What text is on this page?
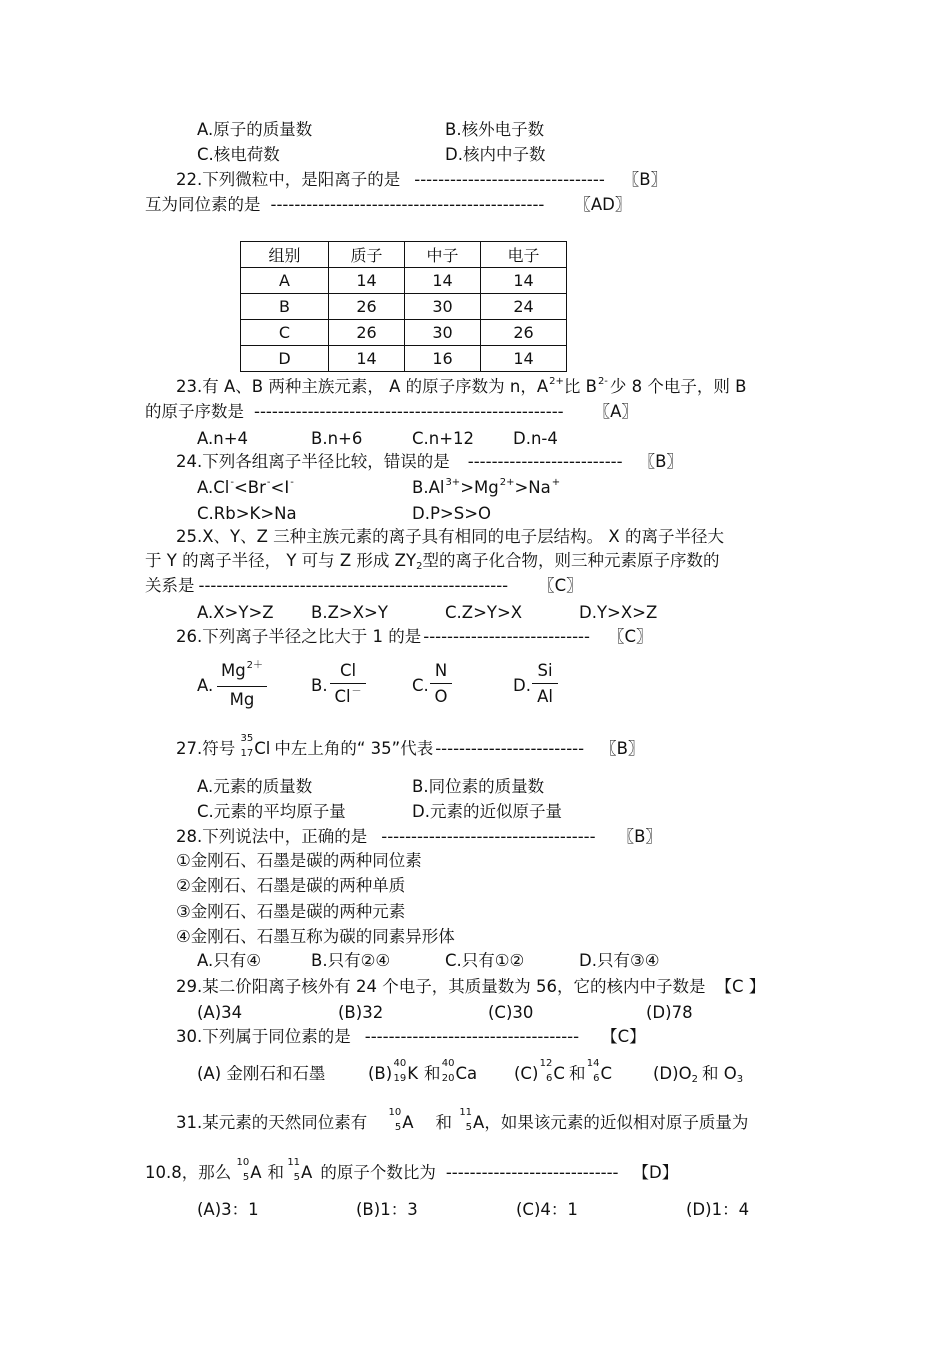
A.原子的质量数	B.核外电子数
C.核电荷数	D.核内中子数
22.下列微粒中，是阳离子的是 -------------------------------- 〖B〗
互为同位素的是 ---------------------------------------------- 〖AD〗
组别	质子	中子	电子
A	14	14	14
B	26	30	24
C	26	30	26
D	14	16	14
23.有 A、B 两种主族元素， A 的原子序数为 n，$A^{2+}$比 $B^{2-}$ 少 8 个电子，则 B
的原子序数是 ---------------------------------------------------- 〖A〗
A.n+4	B.n+6	C.n+12 D.n-4
24.下列各组离子半径比较，错误的是 -------------------------- 〖B〗
A.Cl-<Br-<I-	$B.Al^{3+}>Mg^{2+}>Na^+$
C.Rb>K>Na	D.P>S>O
25.X、Y、Z 三种主族元素的离子具有相同的电子层结构。 X 的离子半径大
于 Y 的离子半径， Y 可与 Z 形成 $ZY_2$型的离子化合物，则三种元素原子序数的
关系是 ---------------------------------------------------- 〖C〗
A.X>Y>Z B.Z>X>Y	C.Z>Y>X	D.Y>X>Z
26.下列离子半径之比大于 1 的是 ---------------------------- 〖C〗
A. $\frac{Mg^{2+}}{Mg}$	B. $\frac{Cl}{Cl^-}$	C. $\frac{N}{O}$	D. $\frac{Si}{Al}$
27.符号
35
17 Cl 中左上角的“ 35”代表 ------------------------- 〖B〗
A.元素的质量数	B.同位素的质量数
C.元素的平均原子量	D.元素的近似原子量
28.下列说法中，正确的是 ------------------------------------ 〖B〗
①金刚石、石墨是碳的两种同位素
②金刚石、石墨是碳的两种单质
③金刚石、石墨是碳的两种元素
④金刚石、石墨互称为碳的同素异形体
A.只有④	B.只有②④	C.只有①②	D.只有③④
29.某二价阳离子核外有 24 个电子，其质量数为 56，它的核内中子数是 【C 】
(A)34	(B)32	(C)30	(D)78
30.下列属于同位素的是 ------------------------------------ 【C】
(A) 金刚石和石墨	(B)
40
19 K 和
40
20 Ca (C)
12
6 C 和
14
6 C $(D)O_2$ 和 $O_3$
31.某元素的天然同位素有
10
5 A 和
11
5 A，如果该元素的近似相对原子质量为
10.8，那么
10
5 A 和
11
5 A 的原子个数比为 ----------------------------- 【D】
(A)3：1	(B)1：3	(C)4：1	(D)1：4
